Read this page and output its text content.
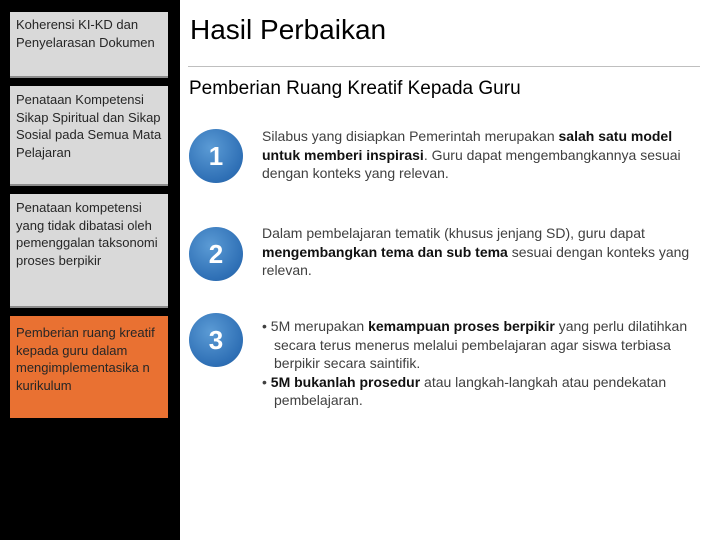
Koherensi KI-KD dan Penyelarasan Dokumen
Penataan Kompetensi Sikap Spiritual dan Sikap Sosial pada Semua Mata Pelajaran
Penataan kompetensi yang tidak dibatasi oleh pemenggalan taksonomi proses berpikir
Pemberian ruang kreatif kepada guru dalam mengimplementasika n kurikulum
Hasil Perbaikan
Pemberian Ruang Kreatif Kepada Guru
1
Silabus yang disiapkan Pemerintah merupakan salah satu model untuk memberi inspirasi. Guru dapat mengembangkannya sesuai dengan konteks yang relevan.
2
Dalam pembelajaran tematik (khusus jenjang SD), guru dapat mengembangkan tema dan sub tema sesuai dengan konteks yang relevan.
3	• 5M merupakan kemampuan proses berpikir yang perlu dilatihkan secara terus menerus melalui pembelajaran agar siswa terbiasa berpikir secara saintifik.
• 5M bukanlah prosedur atau langkah-langkah atau pendekatan pembelajaran.
